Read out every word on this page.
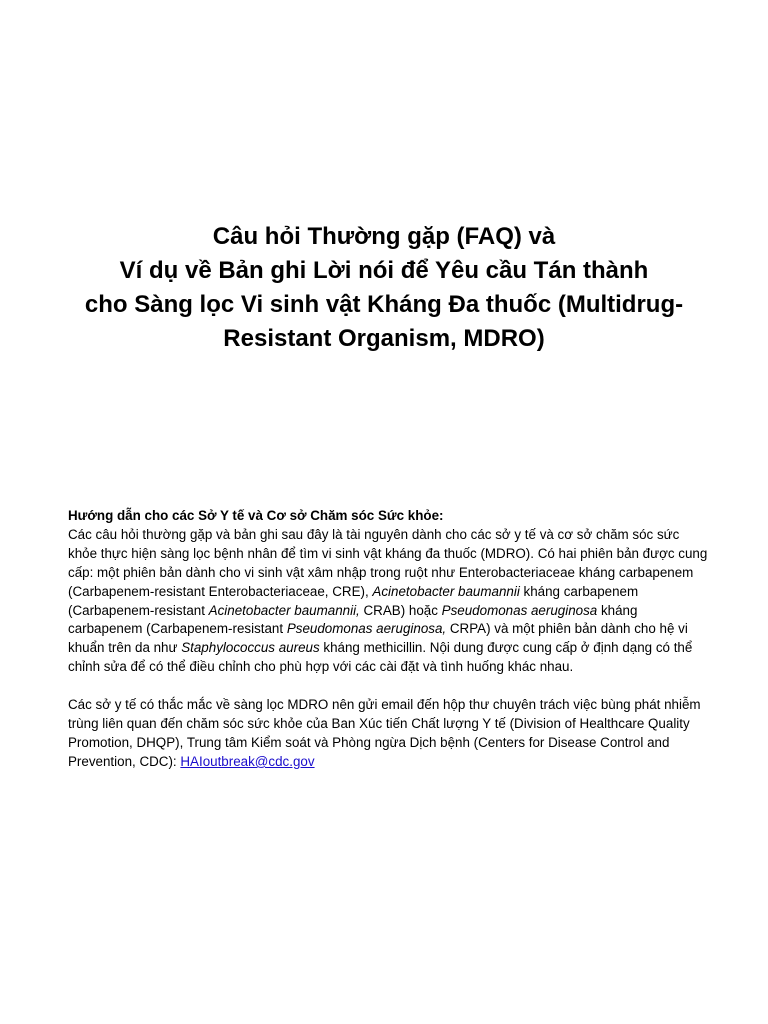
Câu hỏi Thường gặp (FAQ) và
Ví dụ về Bản ghi Lời nói để Yêu cầu Tán thành
cho Sàng lọc Vi sinh vật Kháng Đa thuốc (Multidrug-
Resistant Organism, MDRO)

Hướng dẫn cho các Sở Y tế và Cơ sở Chăm sóc Sức khỏe:

Các câu hỏi thường gặp và bản ghi sau đây là tài nguyên dành cho các sở y tế và cơ sở chăm sóc sức khỏe thực hiện sàng lọc bệnh nhân để tìm vi sinh vật kháng đa thuốc (MDRO). Có hai phiên bản được cung cấp: một phiên bản dành cho vi sinh vật xâm nhập trong ruột như Enterobacteriaceae kháng carbapenem (Carbapenem-resistant Enterobacteriaceae, CRE), Acinetobacter baumannii kháng carbapenem (Carbapenem-resistant Acinetobacter baumannii, CRAB) hoặc Pseudomonas aeruginosa kháng carbapenem (Carbapenem-resistant Pseudomonas aeruginosa, CRPA) và một phiên bản dành cho hệ vi khuẩn trên da như Staphylococcus aureus kháng methicillin. Nội dung được cung cấp ở định dạng có thể chỉnh sửa để có thể điều chỉnh cho phù hợp với các cài đặt và tình huống khác nhau.

Các sở y tế có thắc mắc về sàng lọc MDRO nên gửi email đến hộp thư chuyên trách việc bùng phát nhiễm trùng liên quan đến chăm sóc sức khỏe của Ban Xúc tiến Chất lượng Y tế (Division of Healthcare Quality Promotion, DHQP), Trung tâm Kiểm soát và Phòng ngừa Dịch bệnh (Centers for Disease Control and Prevention, CDC): HAIoutbreak@cdc.gov
